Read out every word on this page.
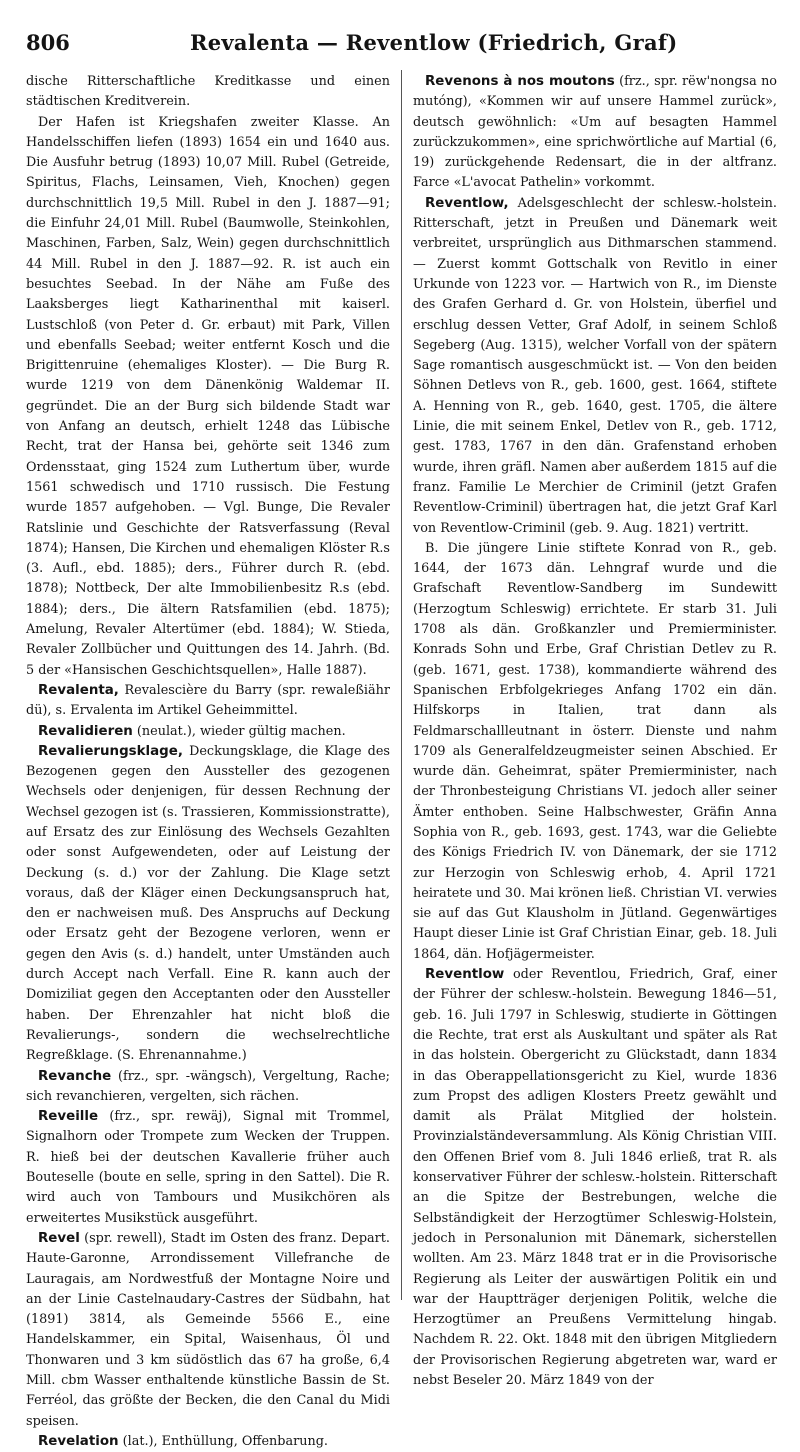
806	Revalenta — Reventlow (Friedrich, Graf)

dische Ritterschaftliche Kreditkasse und einen städtischen Kreditverein.

Der Hafen ist Kriegshafen zweiter Klasse. An Handelsschiffen liefen (1893) 1654 ein und 1640 aus. Die Ausfuhr betrug (1893) 10,07 Mill. Rubel (Getreide, Spiritus, Flachs, Leinsamen, Vieh, Knochen) gegen durchschnittlich 19,5 Mill. Rubel in den J. 1887—91; die Einfuhr 24,01 Mill. Rubel (Baumwolle, Steinkohlen, Maschinen, Farben, Salz, Wein) gegen durchschnittlich 44 Mill. Rubel in den J. 1887—92. R. ist auch ein besuchtes Seebad. In der Nähe am Fuße des Laaksberges liegt Katharinenthal mit kaiserl. Lustschloß (von Peter d. Gr. erbaut) mit Park, Villen und ebenfalls Seebad; weiter entfernt Kosch und die Brigittenruine (ehemaliges Kloster). — Die Burg R. wurde 1219 von dem Dänenkönig Waldemar II. gegründet. Die an der Burg sich bildende Stadt war von Anfang an deutsch, erhielt 1248 das Lübische Recht, trat der Hansa bei, gehörte seit 1346 zum Ordensstaat, ging 1524 zum Luthertum über, wurde 1561 schwedisch und 1710 russisch. Die Festung wurde 1857 aufgehoben. — Vgl. Bunge, Die Revaler Ratslinie und Geschichte der Ratsverfassung (Reval 1874); Hansen, Die Kirchen und ehemaligen Klöster R.s (3. Aufl., ebd. 1885); ders., Führer durch R. (ebd. 1878); Nottbeck, Der alte Immobilienbesitz R.s (ebd. 1884); ders., Die ältern Ratsfamilien (ebd. 1875); Amelung, Revaler Altertümer (ebd. 1884); W. Stieda, Revaler Zollbücher und Quittungen des 14. Jahrh. (Bd. 5 der «Hansischen Geschichtsquellen», Halle 1887).

Revalenta, Revalescière du Barry (spr. rewaleßiähr dü), s. Ervalenta im Artikel Geheimmittel.

Revalidieren (neulat.), wieder gültig machen.

Revalierungsklage, Deckungsklage, die Klage des Bezogenen gegen den Aussteller des gezogenen Wechsels oder denjenigen, für dessen Rechnung der Wechsel gezogen ist (s. Trassieren, Kommissionstratte), auf Ersatz des zur Einlösung des Wechsels Gezahlten oder sonst Aufgewendeten, oder auf Leistung der Deckung (s. d.) vor der Zahlung. Die Klage setzt voraus, daß der Kläger einen Deckungsanspruch hat, den er nachweisen muß. Des Anspruchs auf Deckung oder Ersatz geht der Bezogene verloren, wenn er gegen den Avis (s. d.) handelt, unter Umständen auch durch Accept nach Verfall. Eine R. kann auch der Domiziliat gegen den Acceptanten oder den Aussteller haben. Der Ehrenzahler hat nicht bloß die Revalierungs-, sondern die wechselrechtliche Regreßklage. (S. Ehrenannahme.)

Revanche (frz., spr. -wängsch), Vergeltung, Rache; sich revanchieren, vergelten, sich rächen.

Reveille (frz., spr. rewäj), Signal mit Trommel, Signalhorn oder Trompete zum Wecken der Truppen. R. hieß bei der deutschen Kavallerie früher auch Bouteselle (boute en selle, spring in den Sattel). Die R. wird auch von Tambours und Musikchören als erweitertes Musikstück ausgeführt.

Revel (spr. rewell), Stadt im Osten des franz. Depart. Haute-Garonne, Arrondissement Villefranche de Lauragais, am Nordwestfuß der Montagne Noire und an der Linie Castelnaudary-Castres der Südbahn, hat (1891) 3814, als Gemeinde 5566 E., eine Handelskammer, ein Spital, Waisenhaus, Öl und Thonwaren und 3 km südöstlich das 67 ha große, 6,4 Mill. cbm Wasser enthaltende künstliche Bassin de St. Ferréol, das größte der Becken, die den Canal du Midi speisen.

Revelation (lat.), Enthüllung, Offenbarung.

Revenons à nos moutons (frz., spr. rëw'nongsa no mutóng), «Kommen wir auf unsere Hammel zurück», deutsch gewöhnlich: «Um auf besagten Hammel zurückzukommen», eine sprichwörtliche auf Martial (6, 19) zurückgehende Redensart, die in der altfranz. Farce «L'avocat Pathelin» vorkommt.

Reventlow, Adelsgeschlecht der schlesw.-holstein. Ritterschaft, jetzt in Preußen und Dänemark weit verbreitet, ursprünglich aus Dithmarschen stammend. — Zuerst kommt Gottschalk von Revitlo in einer Urkunde von 1223 vor. — Hartwich von R., im Dienste des Grafen Gerhard d. Gr. von Holstein, überfiel und erschlug dessen Vetter, Graf Adolf, in seinem Schloß Segeberg (Aug. 1315), welcher Vorfall von der spätern Sage romantisch ausgeschmückt ist. — Von den beiden Söhnen Detlevs von R., geb. 1600, gest. 1664, stiftete A. Henning von R., geb. 1640, gest. 1705, die ältere Linie, die mit seinem Enkel, Detlev von R., geb. 1712, gest. 1783, 1767 in den dän. Grafenstand erhoben wurde, ihren gräfl. Namen aber außerdem 1815 auf die franz. Familie Le Merchier de Criminil (jetzt Grafen Reventlow-Criminil) übertragen hat, die jetzt Graf Karl von Reventlow-Criminil (geb. 9. Aug. 1821) vertritt.

B. Die jüngere Linie stiftete Konrad von R., geb. 1644, der 1673 dän. Lehngraf wurde und die Grafschaft Reventlow-Sandberg im Sundewitt (Herzogtum Schleswig) errichtete. Er starb 31. Juli 1708 als dän. Großkanzler und Premierminister. Konrads Sohn und Erbe, Graf Christian Detlev zu R. (geb. 1671, gest. 1738), kommandierte während des Spanischen Erbfolgekrieges Anfang 1702 ein dän. Hilfskorps in Italien, trat dann als Feldmarschallleutnant in österr. Dienste und nahm 1709 als Generalfeldzeugmeister seinen Abschied. Er wurde dän. Geheimrat, später Premierminister, nach der Thronbesteigung Christians VI. jedoch aller seiner Ämter enthoben. Seine Halbschwester, Gräfin Anna Sophia von R., geb. 1693, gest. 1743, war die Geliebte des Königs Friedrich IV. von Dänemark, der sie 1712 zur Herzogin von Schleswig erhob, 4. April 1721 heiratete und 30. Mai krönen ließ. Christian VI. verwies sie auf das Gut Klausholm in Jütland. Gegenwärtiges Haupt dieser Linie ist Graf Christian Einar, geb. 18. Juli 1864, dän. Hofjägermeister.

Reventlow oder Reventlou, Friedrich, Graf, einer der Führer der schlesw.-holstein. Bewegung 1846—51, geb. 16. Juli 1797 in Schleswig, studierte in Göttingen die Rechte, trat erst als Auskultant und später als Rat in das holstein. Obergericht zu Glückstadt, dann 1834 in das Oberappellationsgericht zu Kiel, wurde 1836 zum Propst des adligen Klosters Preetz gewählt und damit als Prälat Mitglied der holstein. Provinzialständeversammlung. Als König Christian VIII. den Offenen Brief vom 8. Juli 1846 erließ, trat R. als konservativer Führer der schlesw.-holstein. Ritterschaft an die Spitze der Bestrebungen, welche die Selbständigkeit der Herzogtümer Schleswig-Holstein, jedoch in Personalunion mit Dänemark, sicherstellen wollten. Am 23. März 1848 trat er in die Provisorische Regierung als Leiter der auswärtigen Politik ein und war der Hauptträger derjenigen Politik, welche die Herzogtümer an Preußens Vermittelung hingab. Nachdem R. 22. Okt. 1848 mit den übrigen Mitgliedern der Provisorischen Regierung abgetreten war, ward er nebst Beseler 20. März 1849 von der
